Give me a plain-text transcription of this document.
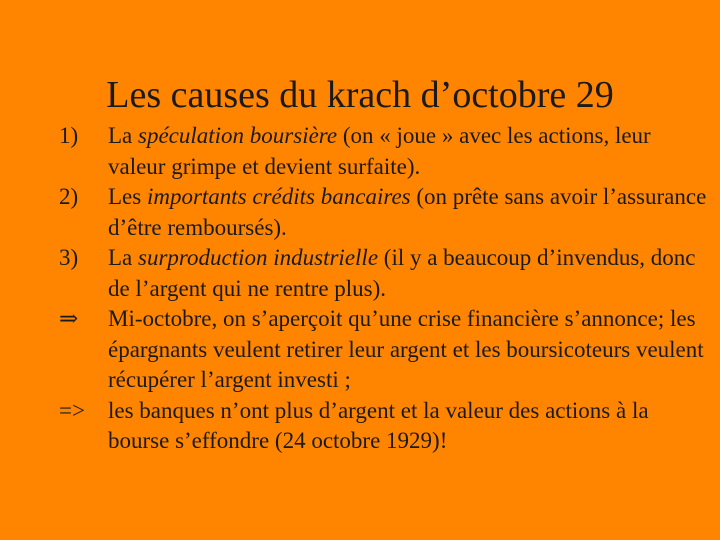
Les causes du krach d’octobre 29
1)	La spéculation boursière (on « joue » avec les actions, leur valeur grimpe et devient surfaite).
2)	Les importants crédits bancaires (on prête sans avoir l’assurance d’être remboursés).
3)	La surproduction industrielle (il y a beaucoup d’invendus, donc de l’argent qui ne rentre plus).
⇒	Mi-octobre, on s’aperçoit qu’une crise financière s’annonce; les épargnants veulent retirer leur argent et les boursicoteurs veulent récupérer l’argent investi ;
=>	les banques n’ont plus d’argent et la valeur des actions à la bourse s’effondre (24 octobre 1929)!
